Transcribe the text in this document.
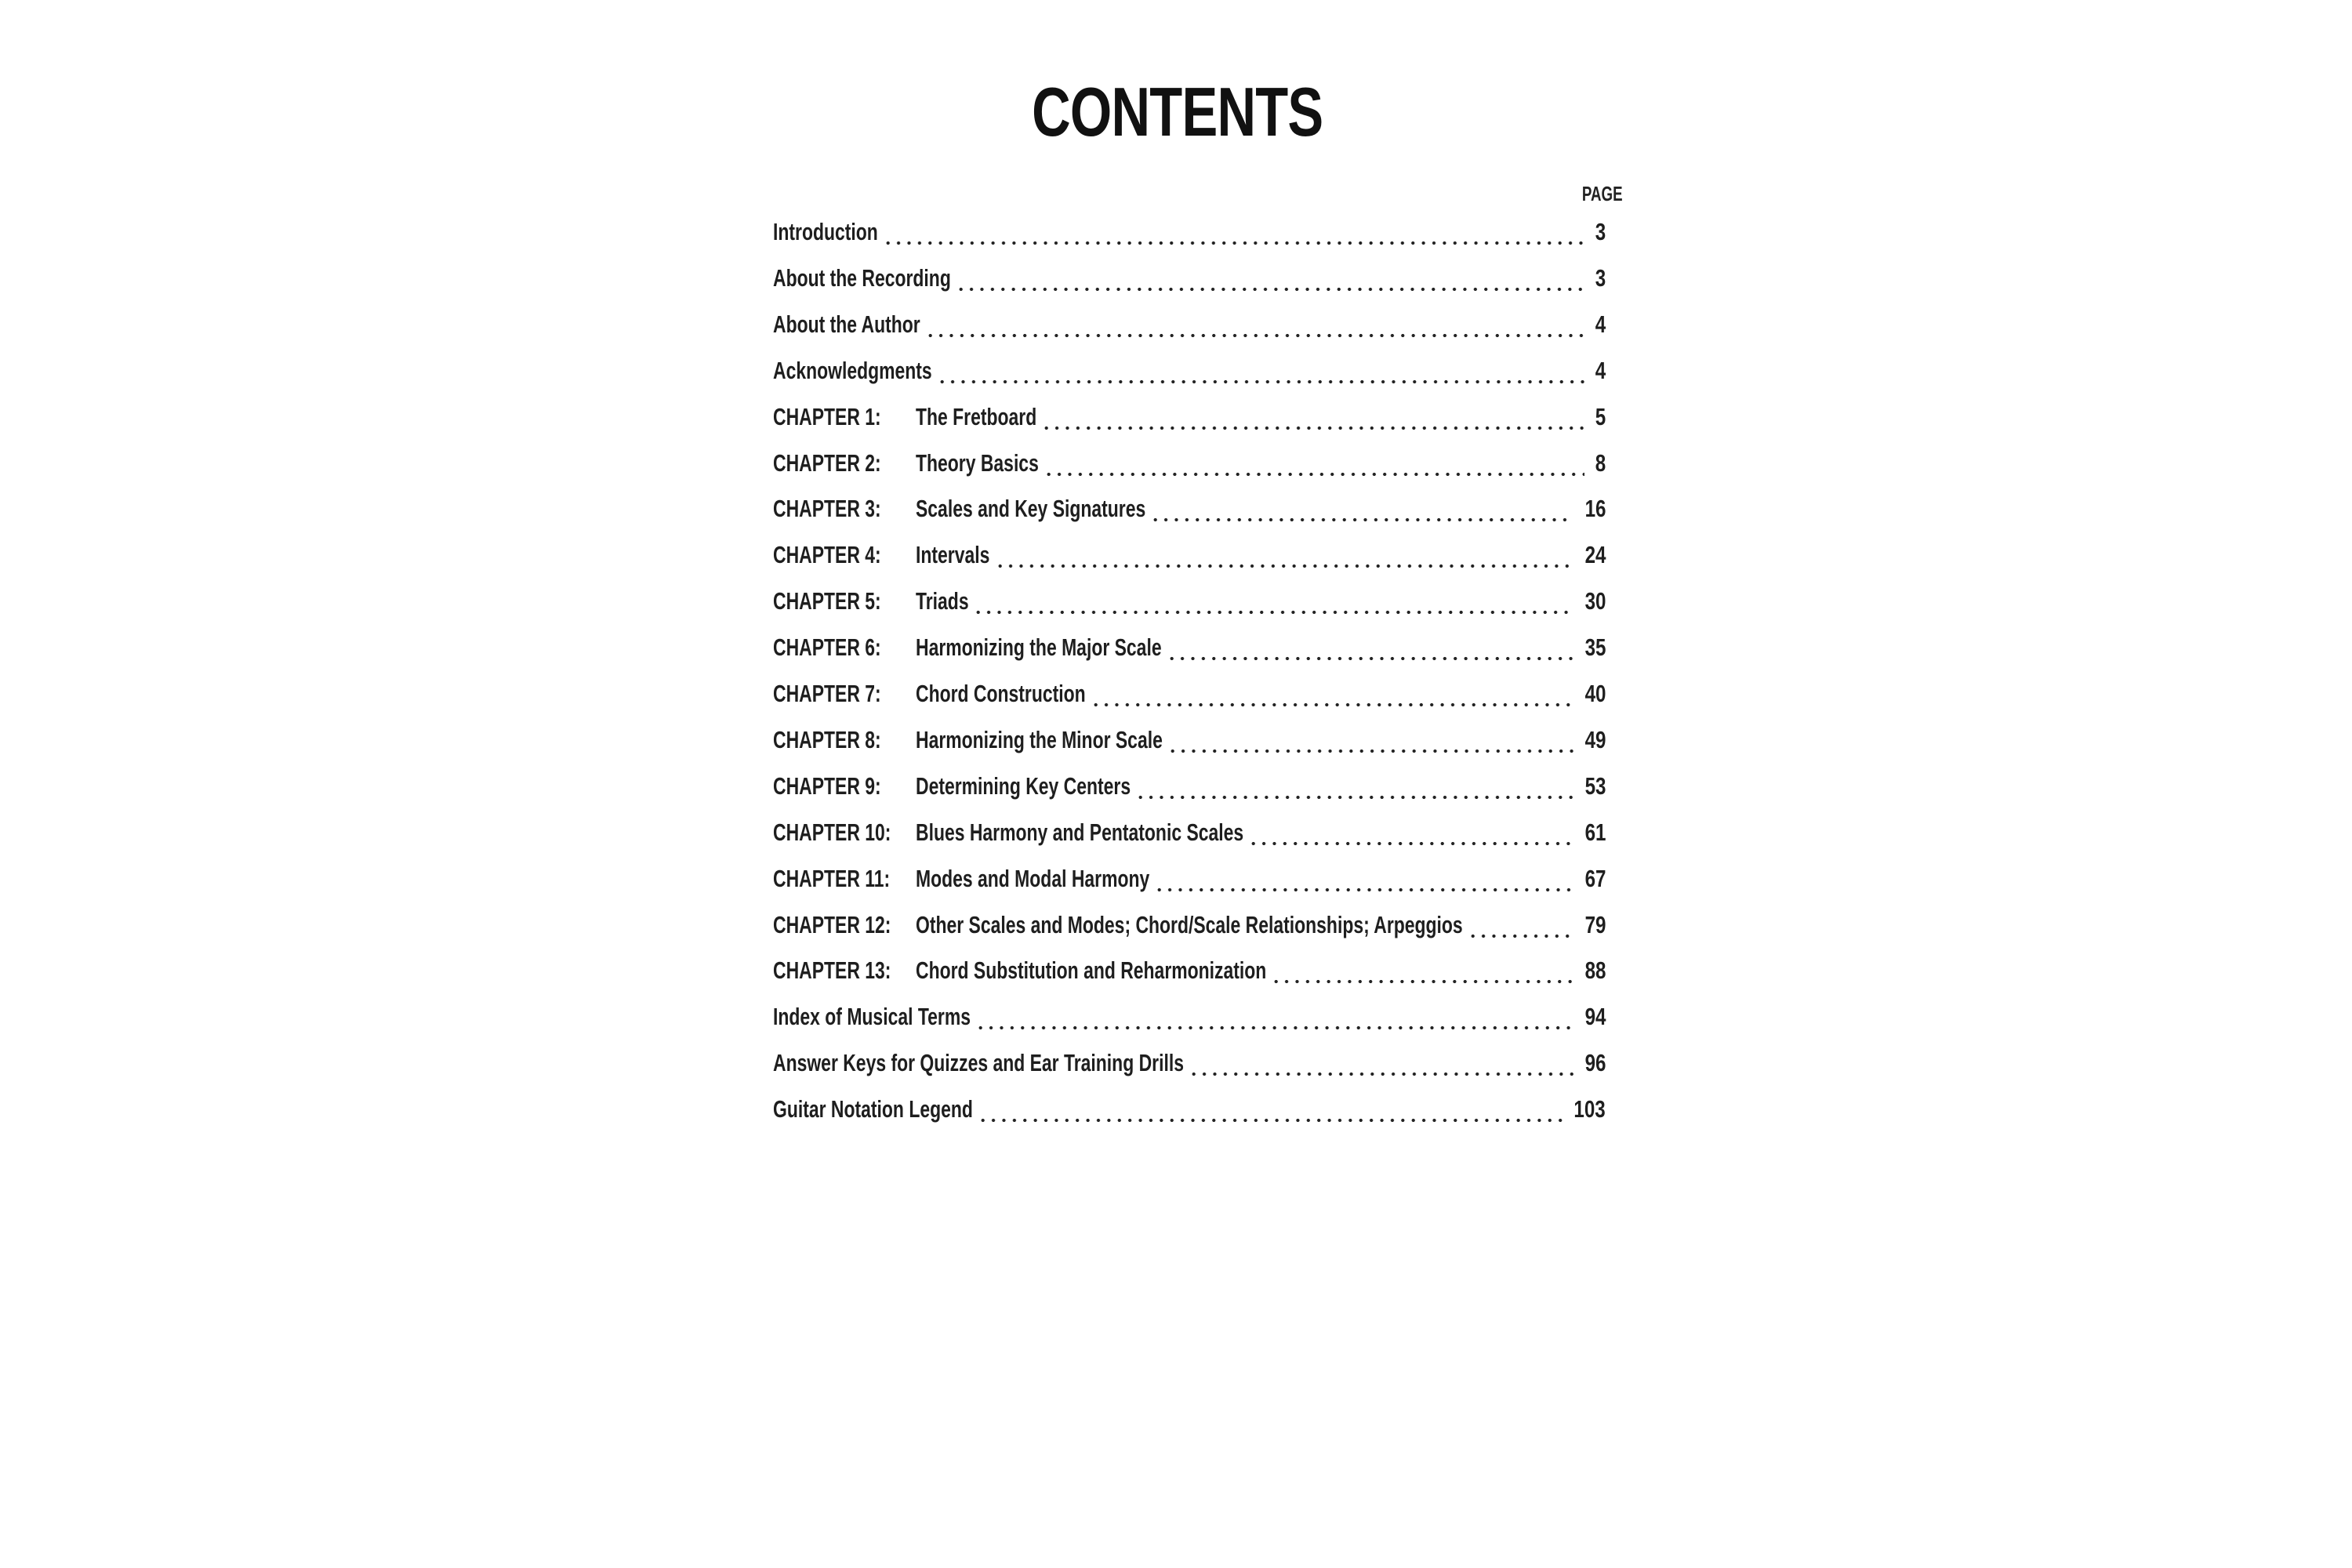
CONTENTS
PAGE
Introduction	3
About the Recording	3
About the Author	4
Acknowledgments	4
CHAPTER 1: The Fretboard	5
CHAPTER 2: Theory Basics	8
CHAPTER 3: Scales and Key Signatures	16
CHAPTER 4: Intervals	24
CHAPTER 5: Triads	30
CHAPTER 6: Harmonizing the Major Scale	35
CHAPTER 7: Chord Construction	40
CHAPTER 8: Harmonizing the Minor Scale	49
CHAPTER 9: Determining Key Centers	53
CHAPTER 10: Blues Harmony and Pentatonic Scales	61
CHAPTER 11: Modes and Modal Harmony	67
CHAPTER 12: Other Scales and Modes; Chord/Scale Relationships; Arpeggios	79
CHAPTER 13: Chord Substitution and Reharmonization	88
Index of Musical Terms	94
Answer Keys for Quizzes and Ear Training Drills	96
Guitar Notation Legend	103
